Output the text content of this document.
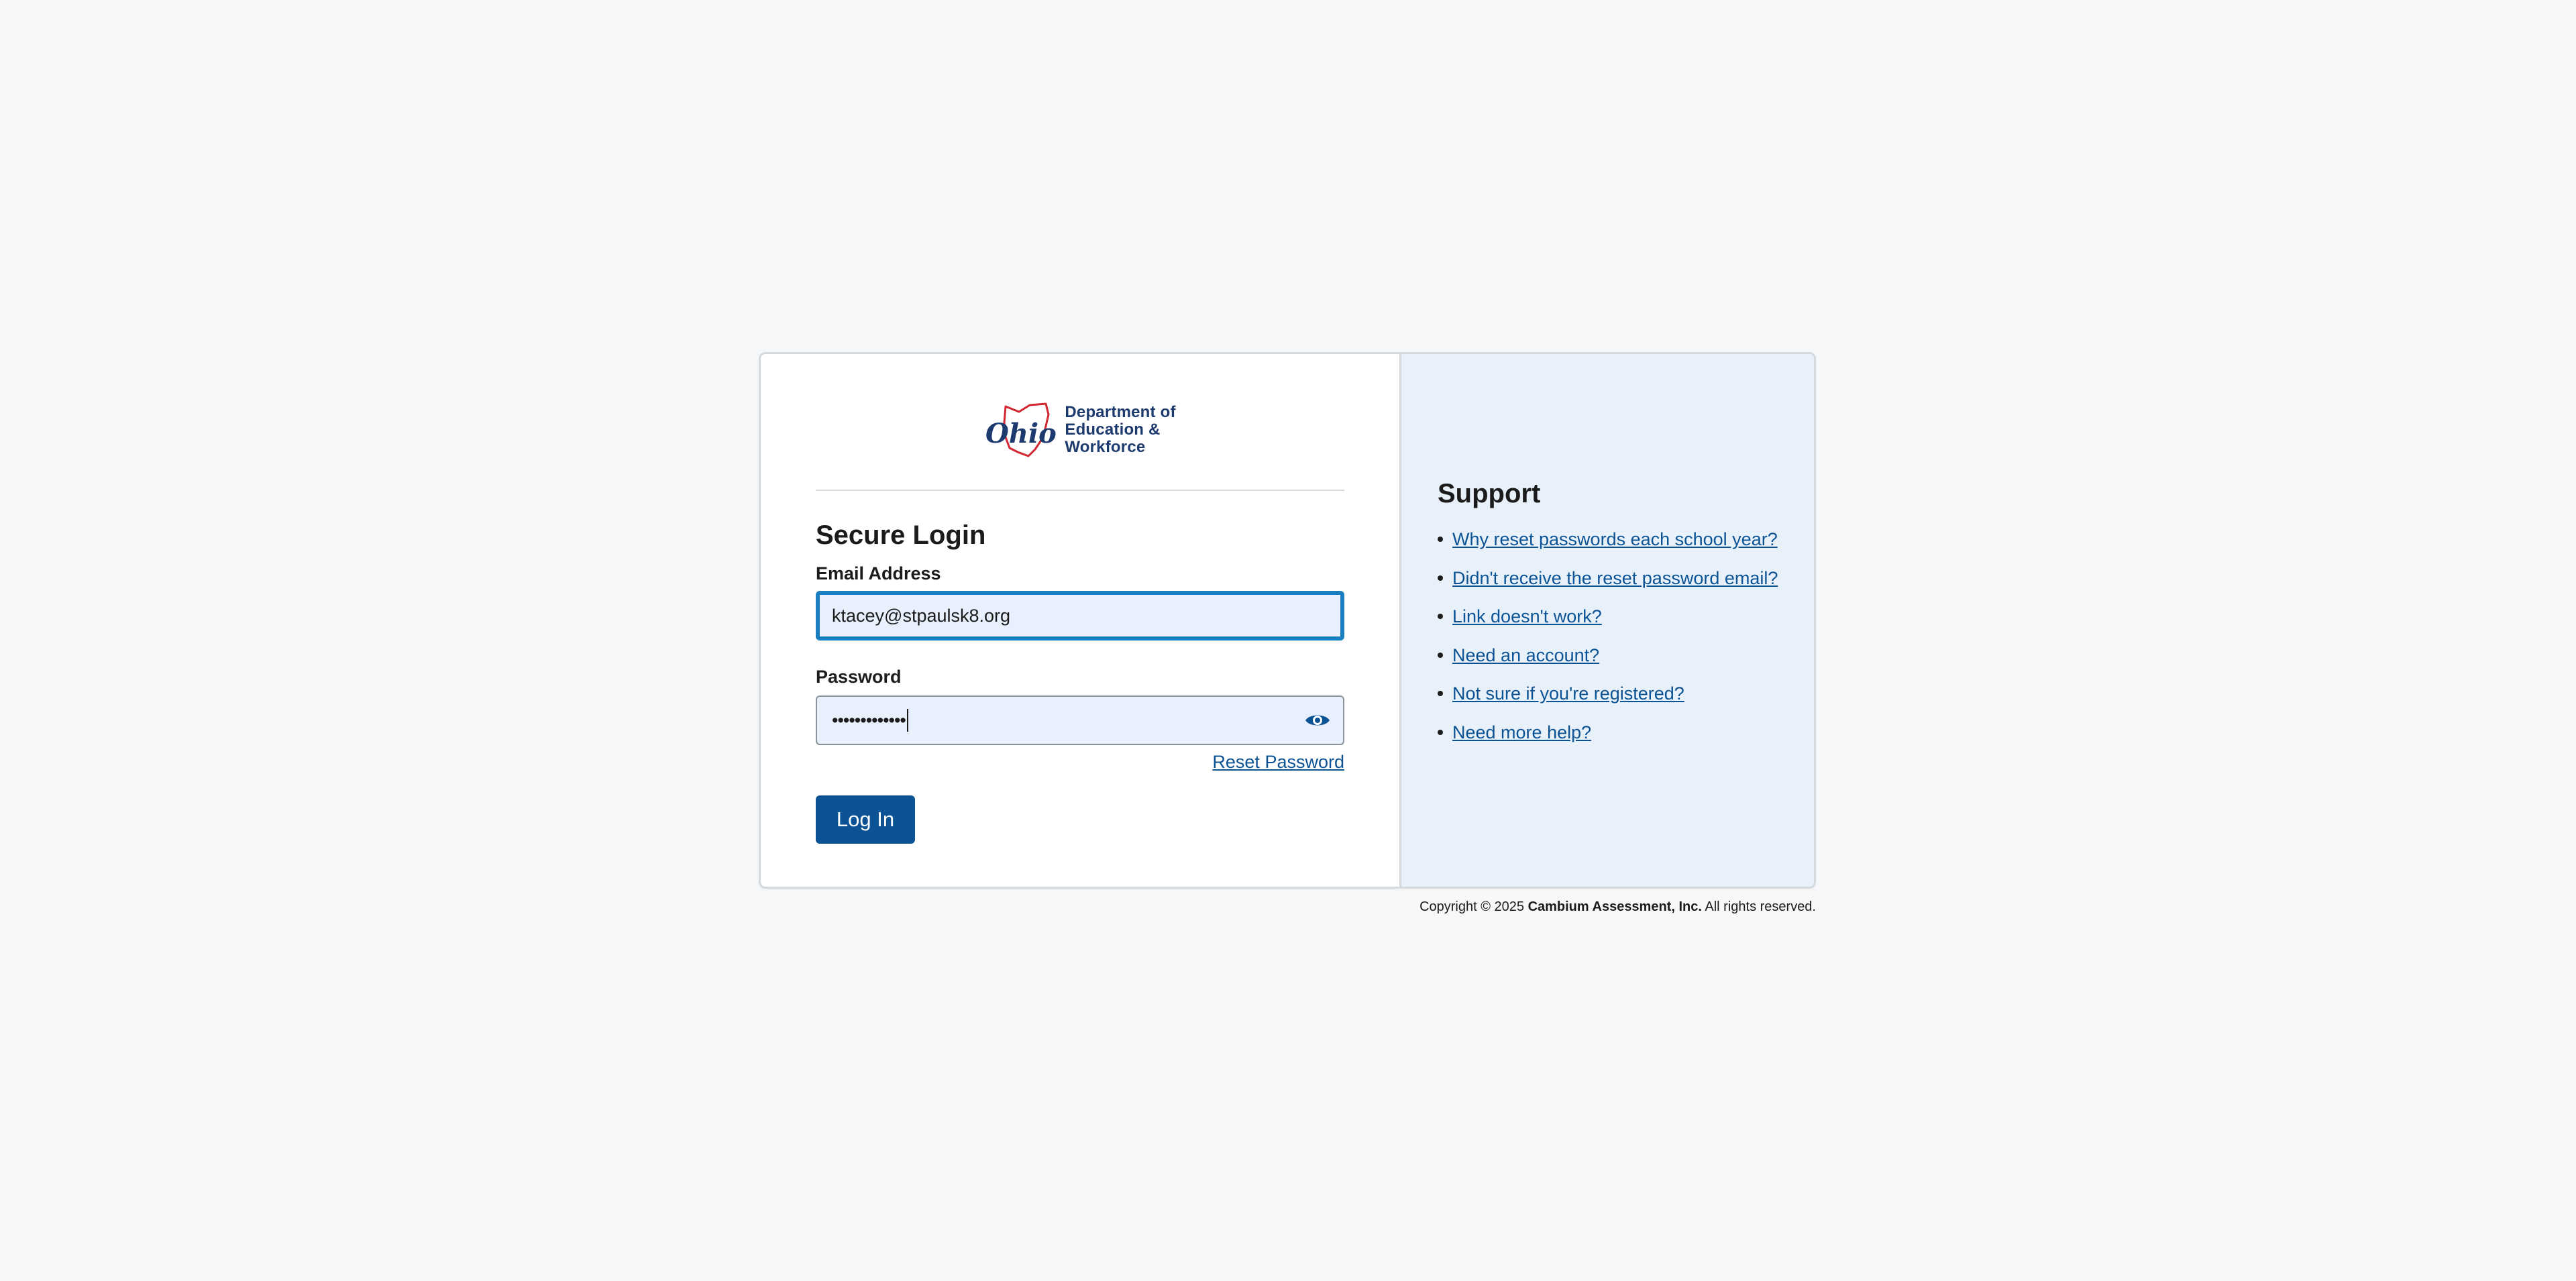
Ohio
Department of
Education &
Workforce
Secure Login
Email Address
ktacey@stpaulsk8.org
Password
•••••••••••••
Reset Password
Log In
Support
Why reset passwords each school year?
Didn't receive the reset password email?
Link doesn't work?
Need an account?
Not sure if you're registered?
Need more help?
Copyright © 2025 Cambium Assessment, Inc. All rights reserved.
